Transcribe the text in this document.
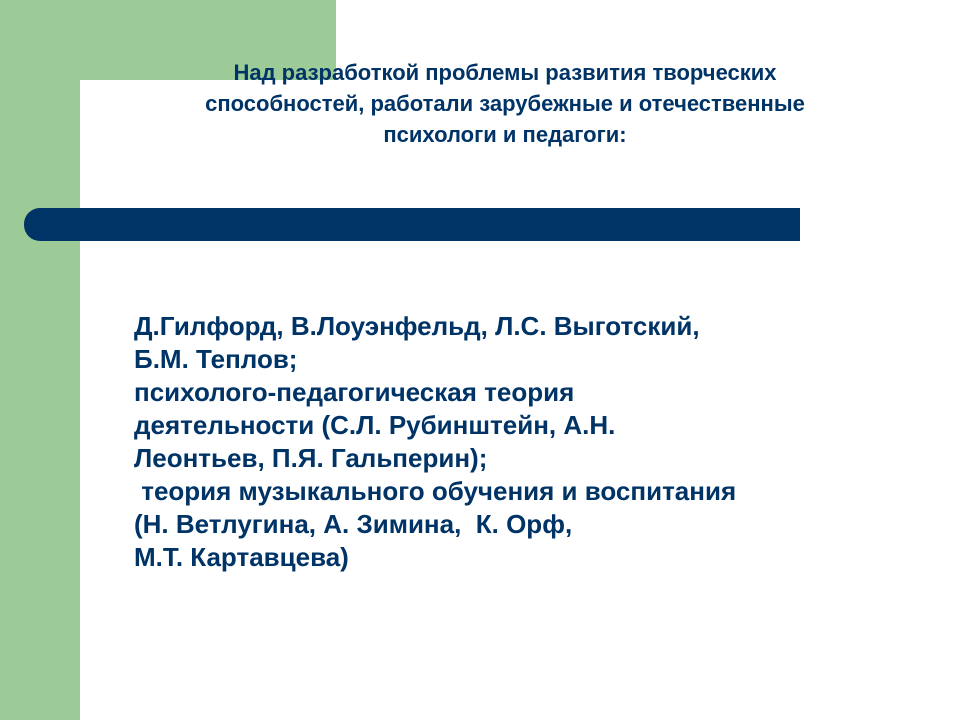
Над разработкой проблемы развития творческих
способностей, работали зарубежные и отечественные
психологи и педагоги:
Д.Гилфорд, В.Лоуэнфельд, Л.С. Выготский,
Б.М. Теплов;
психолого-педагогическая теория
деятельности (С.Л. Рубинштейн, А.Н.
Леонтьев, П.Я. Гальперин);
теория музыкального обучения и воспитания
(Н. Ветлугина, А. Зимина,  К. Орф,
М.Т. Картавцева)
